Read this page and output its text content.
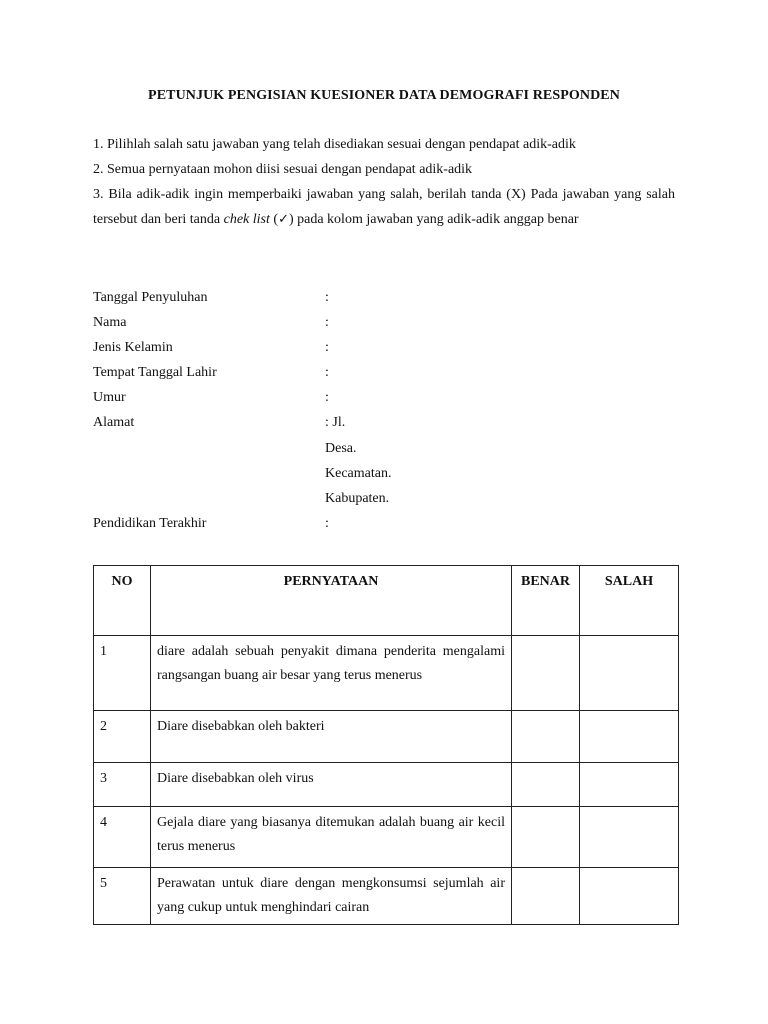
PETUNJUK PENGISIAN KUESIONER DATA DEMOGRAFI RESPONDEN

1. Pilihlah salah satu jawaban yang telah disediakan sesuai dengan pendapat adik-adik

2. Semua pernyataan mohon diisi sesuai dengan pendapat adik-adik

3. Bila adik-adik ingin memperbaiki jawaban yang salah, berilah tanda (X) Pada jawaban yang salah tersebut dan beri tanda chek list (✓) pada kolom jawaban yang adik-adik anggap benar

Tanggal Penyuluhan	:
Nama	:
Jenis Kelamin	:
Tempat Tanggal Lahir	:
Umur	:
Alamat	: Jl.
Desa.
Kecamatan.
Kabupaten.
Pendidikan Terakhir	:
NO	PERNYATAAN	BENAR	SALAH
1	diare adalah sebuah penyakit dimana penderita mengalami rangsangan buang air besar yang terus menerus		
2	Diare disebabkan oleh bakteri		
3	Diare disebabkan oleh virus		
4	Gejala diare yang biasanya ditemukan adalah buang air kecil terus menerus		
5	Perawatan untuk diare dengan mengkonsumsi sejumlah air yang cukup untuk menghindari cairan		
